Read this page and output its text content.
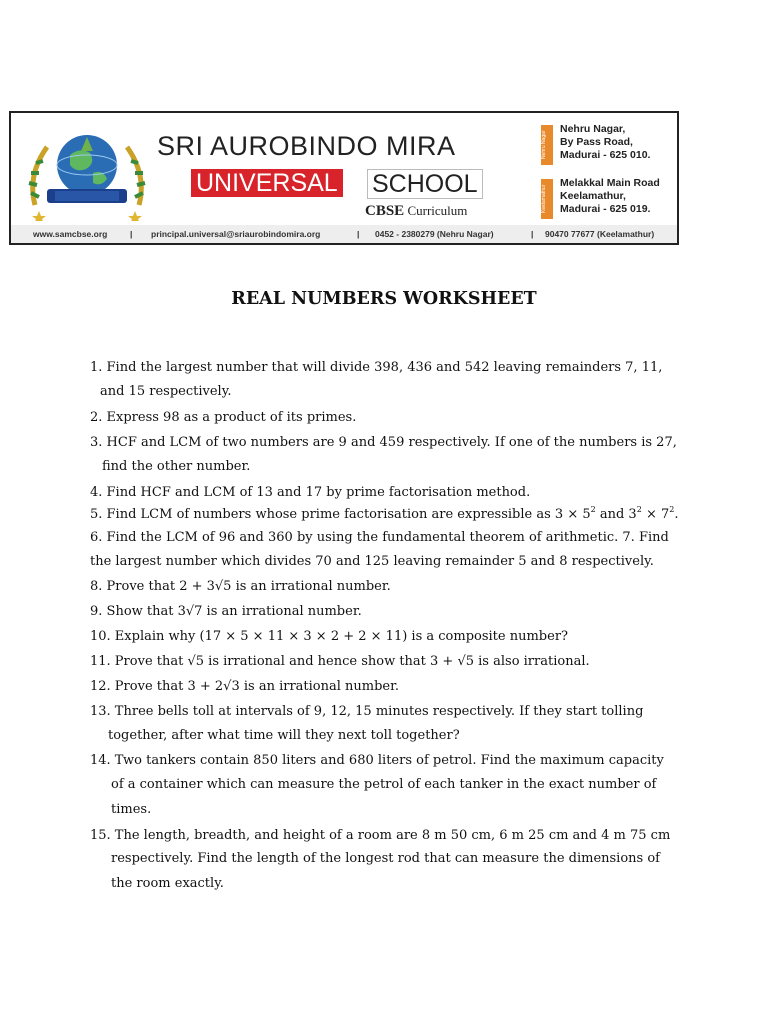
SRI AUROBINDO MIRA
UNIVERSAL SCHOOL
CBSE Curriculum
Nehru Nagar
Nehru Nagar,
By Pass Road,
Madurai - 625 010.
Keelamathur
Melakkal Main Road
Keelamathur,
Madurai - 625 019.
www.samcbse.org	| principal.universal@sriaurobindomira.org	| 0452 - 2380279 (Nehru Nagar)	| 90470 77677 (Keelamathur)
REAL NUMBERS WORKSHEET
1. Find the largest number that will divide 398, 436 and 542 leaving remainders 7, 11,
and 15 respectively.
2. Express 98 as a product of its primes.
3. HCF and LCM of two numbers are 9 and 459 respectively. If one of the numbers is 27,
find the other number.
4. Find HCF and LCM of 13 and 17 by prime factorisation method.
5. Find LCM of numbers whose prime factorisation are expressible as $3 \times 5^2$ and $3^2 \times 7^2$.
6. Find the LCM of 96 and 360 by using the fundamental theorem of arithmetic. 7. Find
the largest number which divides 70 and 125 leaving remainder 5 and 8 respectively.
8. Prove that 2 + 3√5 is an irrational number.
9. Show that 3√7 is an irrational number.
10. Explain why (17 × 5 × 11 × 3 × 2 + 2 × 11) is a composite number?
11. Prove that √5 is irrational and hence show that 3 + √5 is also irrational.
12. Prove that 3 + 2√3 is an irrational number.
13. Three bells toll at intervals of 9, 12, 15 minutes respectively. If they start tolling
together, after what time will they next toll together?
14. Two tankers contain 850 liters and 680 liters of petrol. Find the maximum capacity
of a container which can measure the petrol of each tanker in the exact number of
times.
15. The length, breadth, and height of a room are 8 m 50 cm, 6 m 25 cm and 4 m 75 cm
respectively. Find the length of the longest rod that can measure the dimensions of
the room exactly.
